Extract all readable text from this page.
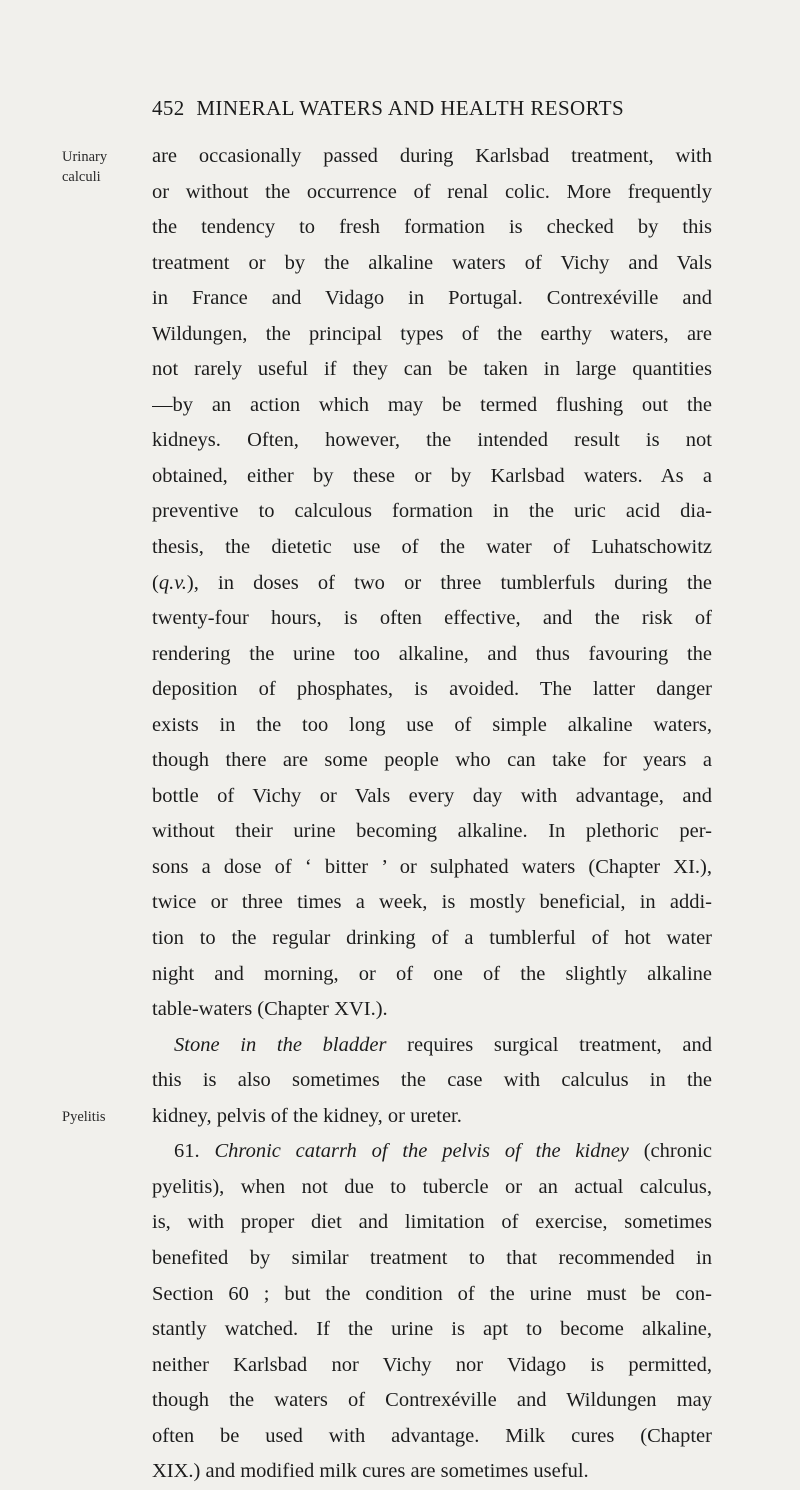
452 MINERAL WATERS AND HEALTH RESORTS
Urinary
calculi
Pyelitis
are occasionally passed during Karlsbad treatment, with
or without the occurrence of renal colic. More frequently
the tendency to fresh formation is checked by this
treatment or by the alkaline waters of Vichy and Vals
in France and Vidago in Portugal. Contrexéville and
Wildungen, the principal types of the earthy waters, are
not rarely useful if they can be taken in large quantities
—by an action which may be termed flushing out the
kidneys. Often, however, the intended result is not
obtained, either by these or by Karlsbad waters. As a
preventive to calculous formation in the uric acid dia-
thesis, the dietetic use of the water of Luhatschowitz
(q.v.), in doses of two or three tumblerfuls during the
twenty-four hours, is often effective, and the risk of
rendering the urine too alkaline, and thus favouring the
deposition of phosphates, is avoided. The latter danger
exists in the too long use of simple alkaline waters,
though there are some people who can take for years a
bottle of Vichy or Vals every day with advantage, and
without their urine becoming alkaline. In plethoric per-
sons a dose of ‘ bitter ’ or sulphated waters (Chapter XI.),
twice or three times a week, is mostly beneficial, in addi-
tion to the regular drinking of a tumblerful of hot water
night and morning, or of one of the slightly alkaline
table-waters (Chapter XVI.).
Stone in the bladder requires surgical treatment, and
this is also sometimes the case with calculus in the
kidney, pelvis of the kidney, or ureter.
61. Chronic catarrh of the pelvis of the kidney (chronic
pyelitis), when not due to tubercle or an actual calculus,
is, with proper diet and limitation of exercise, sometimes
benefited by similar treatment to that recommended in
Section 60 ; but the condition of the urine must be con-
stantly watched. If the urine is apt to become alkaline,
neither Karlsbad nor Vichy nor Vidago is permitted,
though the waters of Contrexéville and Wildungen may
often be used with advantage. Milk cures (Chapter
XIX.) and modified milk cures are sometimes useful.
